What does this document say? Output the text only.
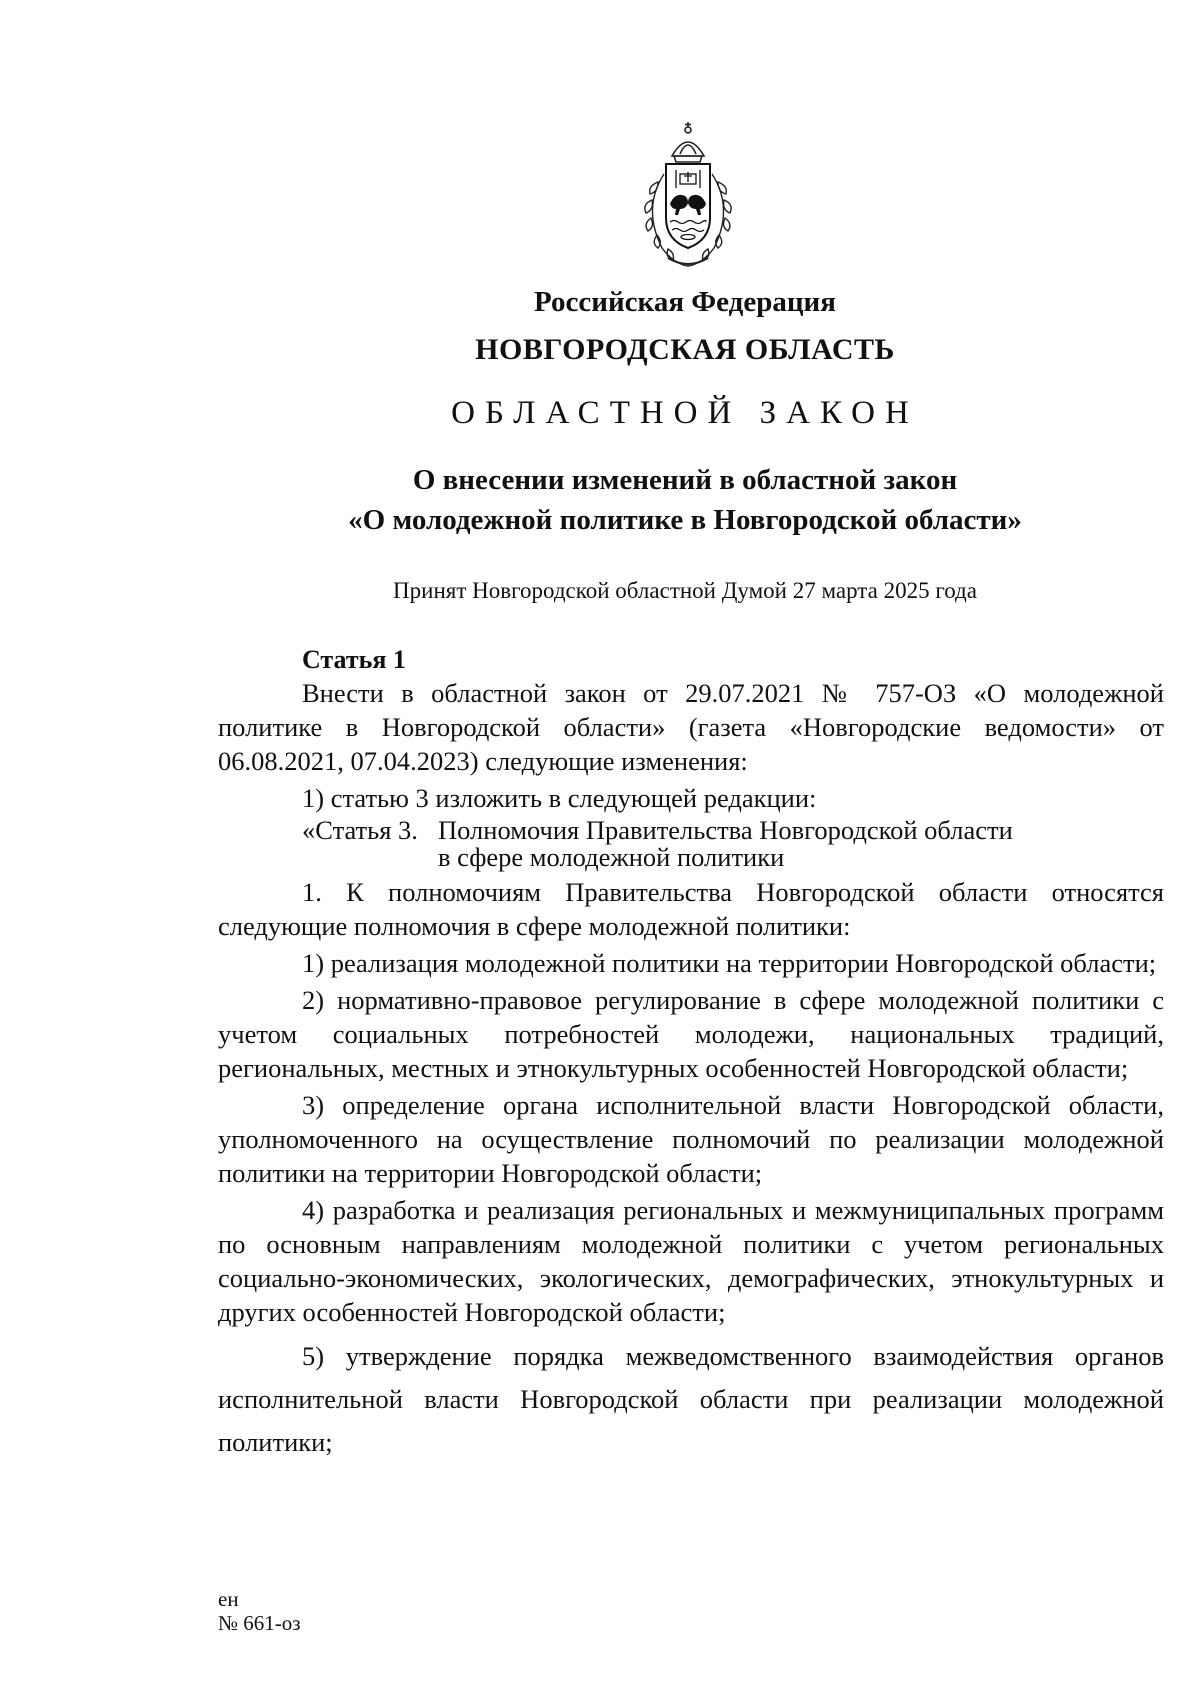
Российская Федерация
НОВГОРОДСКАЯ ОБЛАСТЬ
ОБЛАСТНОЙ ЗАКОН
О внесении изменений в областной закон
«О молодежной политике в Новгородской области»
Принят Новгородской областной Думой 27 марта 2025 года
Статья 1

Внести в областной закон от 29.07.2021 № 757-ОЗ «О молодежной политике в Новгородской области» (газета «Новгородские ведомости» от 06.08.2021, 07.04.2023) следующие изменения:

1) статью 3 изложить в следующей редакции:

«Статья 3. Полномочия Правительства Новгородской области
в сфере молодежной политики

1. К полномочиям Правительства Новгородской области относятся следующие полномочия в сфере молодежной политики:

1) реализация молодежной политики на территории Новгородской области;

2) нормативно-правовое регулирование в сфере молодежной политики с учетом социальных потребностей молодежи, национальных традиций, региональных, местных и этнокультурных особенностей Новгородской области;

3) определение органа исполнительной власти Новгородской области, уполномоченного на осуществление полномочий по реализации молодежной политики на территории Новгородской области;

4) разработка и реализация региональных и межмуниципальных программ по основным направлениям молодежной политики с учетом региональных социально-экономических, экологических, демографических, этнокультурных и других особенностей Новгородской области;

5) утверждение порядка межведомственного взаимодействия органов исполнительной власти Новгородской области при реализации молодежной политики;

ен
№ 661-оз
